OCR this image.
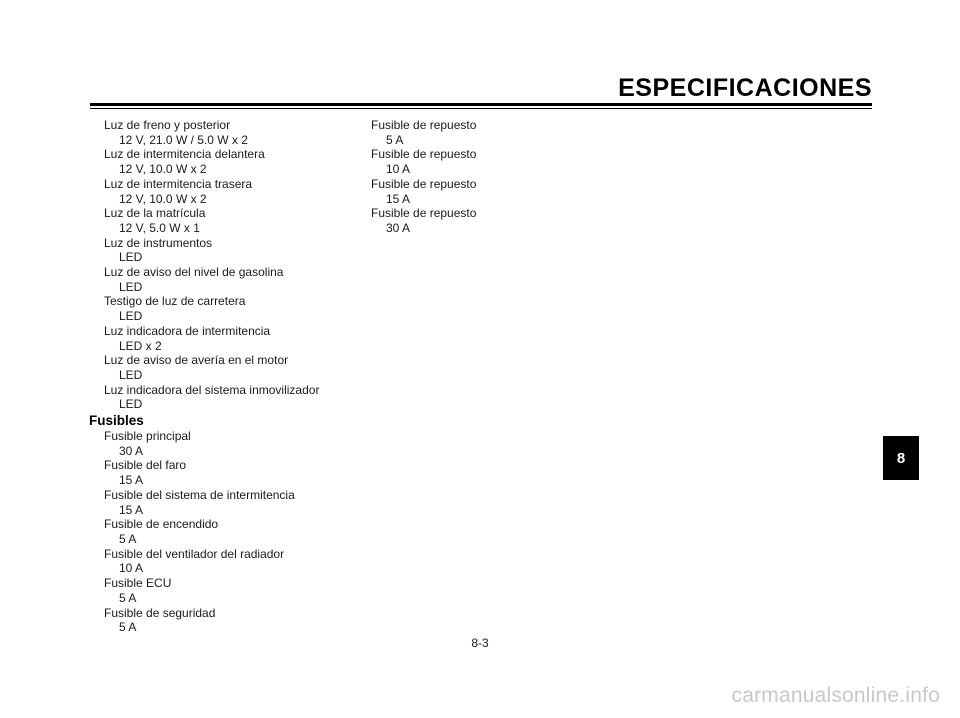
ESPECIFICACIONES
Luz de freno y posterior
12 V, 21.0 W / 5.0 W x 2
Luz de intermitencia delantera
12 V, 10.0 W x 2
Luz de intermitencia trasera
12 V, 10.0 W x 2
Luz de la matrícula
12 V, 5.0 W x 1
Luz de instrumentos
LED
Luz de aviso del nivel de gasolina
LED
Testigo de luz de carretera
LED
Luz indicadora de intermitencia
LED x 2
Luz de aviso de avería en el motor
LED
Luz indicadora del sistema inmovilizador
LED
Fusibles
Fusible principal
30 A
Fusible del faro
15 A
Fusible del sistema de intermitencia
15 A
Fusible de encendido
5 A
Fusible del ventilador del radiador
10 A
Fusible ECU
5 A
Fusible de seguridad
5 A
Fusible de repuesto
5 A
Fusible de repuesto
10 A
Fusible de repuesto
15 A
Fusible de repuesto
30 A
8
8-3
carmanualsonline.info
